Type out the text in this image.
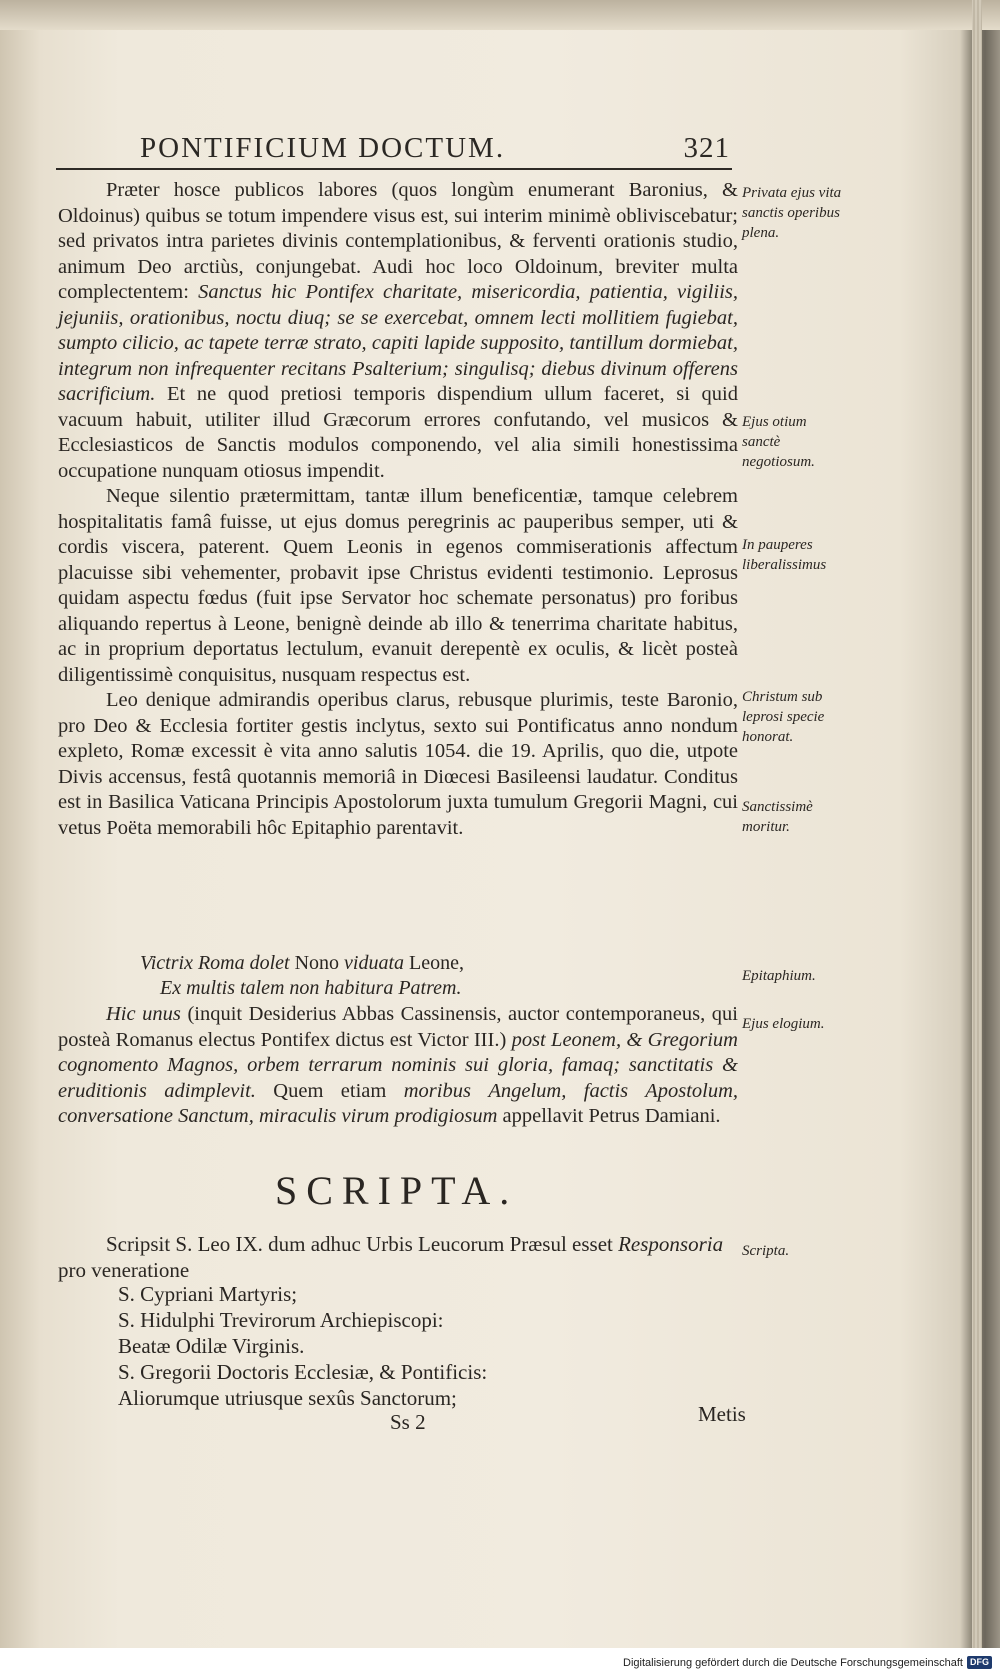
PONTIFICIUM DOCTUM.	321

Præter hosce publicos labores (quos longùm enumerant Baronius, & Oldoinus) quibus se totum impendere visus est, sui interim minimè obliviscebatur; sed privatos intra parietes divinis contemplationibus, & ferventi orationis studio, animum Deo arctiùs, conjungebat. Audi hoc loco Oldoinum, breviter multa complectentem: Sanctus hic Pontifex charitate, misericordia, patientia, vigiliis, jejuniis, orationibus, noctu diuq; se se exercebat, omnem lecti mollitiem fugiebat, sumpto cilicio, ac tapete terræ strato, capiti lapide supposito, tantillum dormiebat, integrum non infrequenter recitans Psalterium; singulisq; diebus divinum offerens sacrificium. Et ne quod pretiosi temporis dispendium ullum faceret, si quid vacuum habuit, utiliter illud Græcorum errores confutando, vel musicos & Ecclesiasticos de Sanctis modulos componendo, vel alia simili honestissima occupatione nunquam otiosus impendit.

Neque silentio prætermittam, tantæ illum beneficentiæ, tamque celebrem hospitalitatis famâ fuisse, ut ejus domus peregrinis ac pauperibus semper, uti & cordis viscera, paterent. Quem Leonis in egenos commiserationis affectum placuisse sibi vehementer, probavit ipse Christus evidenti testimonio. Leprosus quidam aspectu fœdus (fuit ipse Servator hoc schemate personatus) pro foribus aliquando repertus à Leone, benignè deinde ab illo & tenerrima charitate habitus, ac in proprium deportatus lectulum, evanuit derepentè ex oculis, & licèt posteà diligentissimè conquisitus, nusquam respectus est.

Leo denique admirandis operibus clarus, rebusque plurimis, teste Baronio, pro Deo & Ecclesia fortiter gestis inclytus, sexto sui Pontificatus anno nondum expleto, Romæ excessit è vita anno salutis 1054. die 19. Aprilis, quo die, utpote Divis accensus, festâ quotannis memoriâ in Diœcesi Basileensi laudatur. Conditus est in Basilica Vaticana Principis Apostolorum juxta tumulum Gregorii Magni, cui vetus Poëta memorabili hôc Epitaphio parentavit.

Victrix Roma dolet Nono viduata Leone,
Ex multis talem non habitura Patrem.
Hic unus (inquit Desiderius Abbas Cassinensis, auctor contemporaneus, qui posteà Romanus electus Pontifex dictus est Victor III.) post Leonem, & Gregorium cognomento Magnos, orbem terrarum nominis sui gloria, famaq; sanctitatis & eruditionis adimplevit. Quem etiam moribus Angelum, factis Apostolum, conversatione Sanctum, miraculis virum prodigiosum appellavit Petrus Damiani.
SCRIPTA.
Scripsit S. Leo IX. dum adhuc Urbis Leucorum Præsul esset Responsoria pro veneratione
S. Cypriani Martyris;
S. Hidulphi Trevirorum Archiepiscopi:
Beatæ Odilæ Virginis.
S. Gregorii Doctoris Ecclesiæ, & Pontificis:
Aliorumque utriusque sexûs Sanctorum;
Ss 2	Metis
Privata ejus vita sanctis operibus plena.
Ejus otium sanctè negotiosum.
In pauperes liberalissimus
Christum sub leprosi specie honorat.
Sanctissimè moritur.
Epitaphium.
Ejus elogium.
Scripta.
Digitalisierung gefördert durch die Deutsche Forschungsgemeinschaft DFG
